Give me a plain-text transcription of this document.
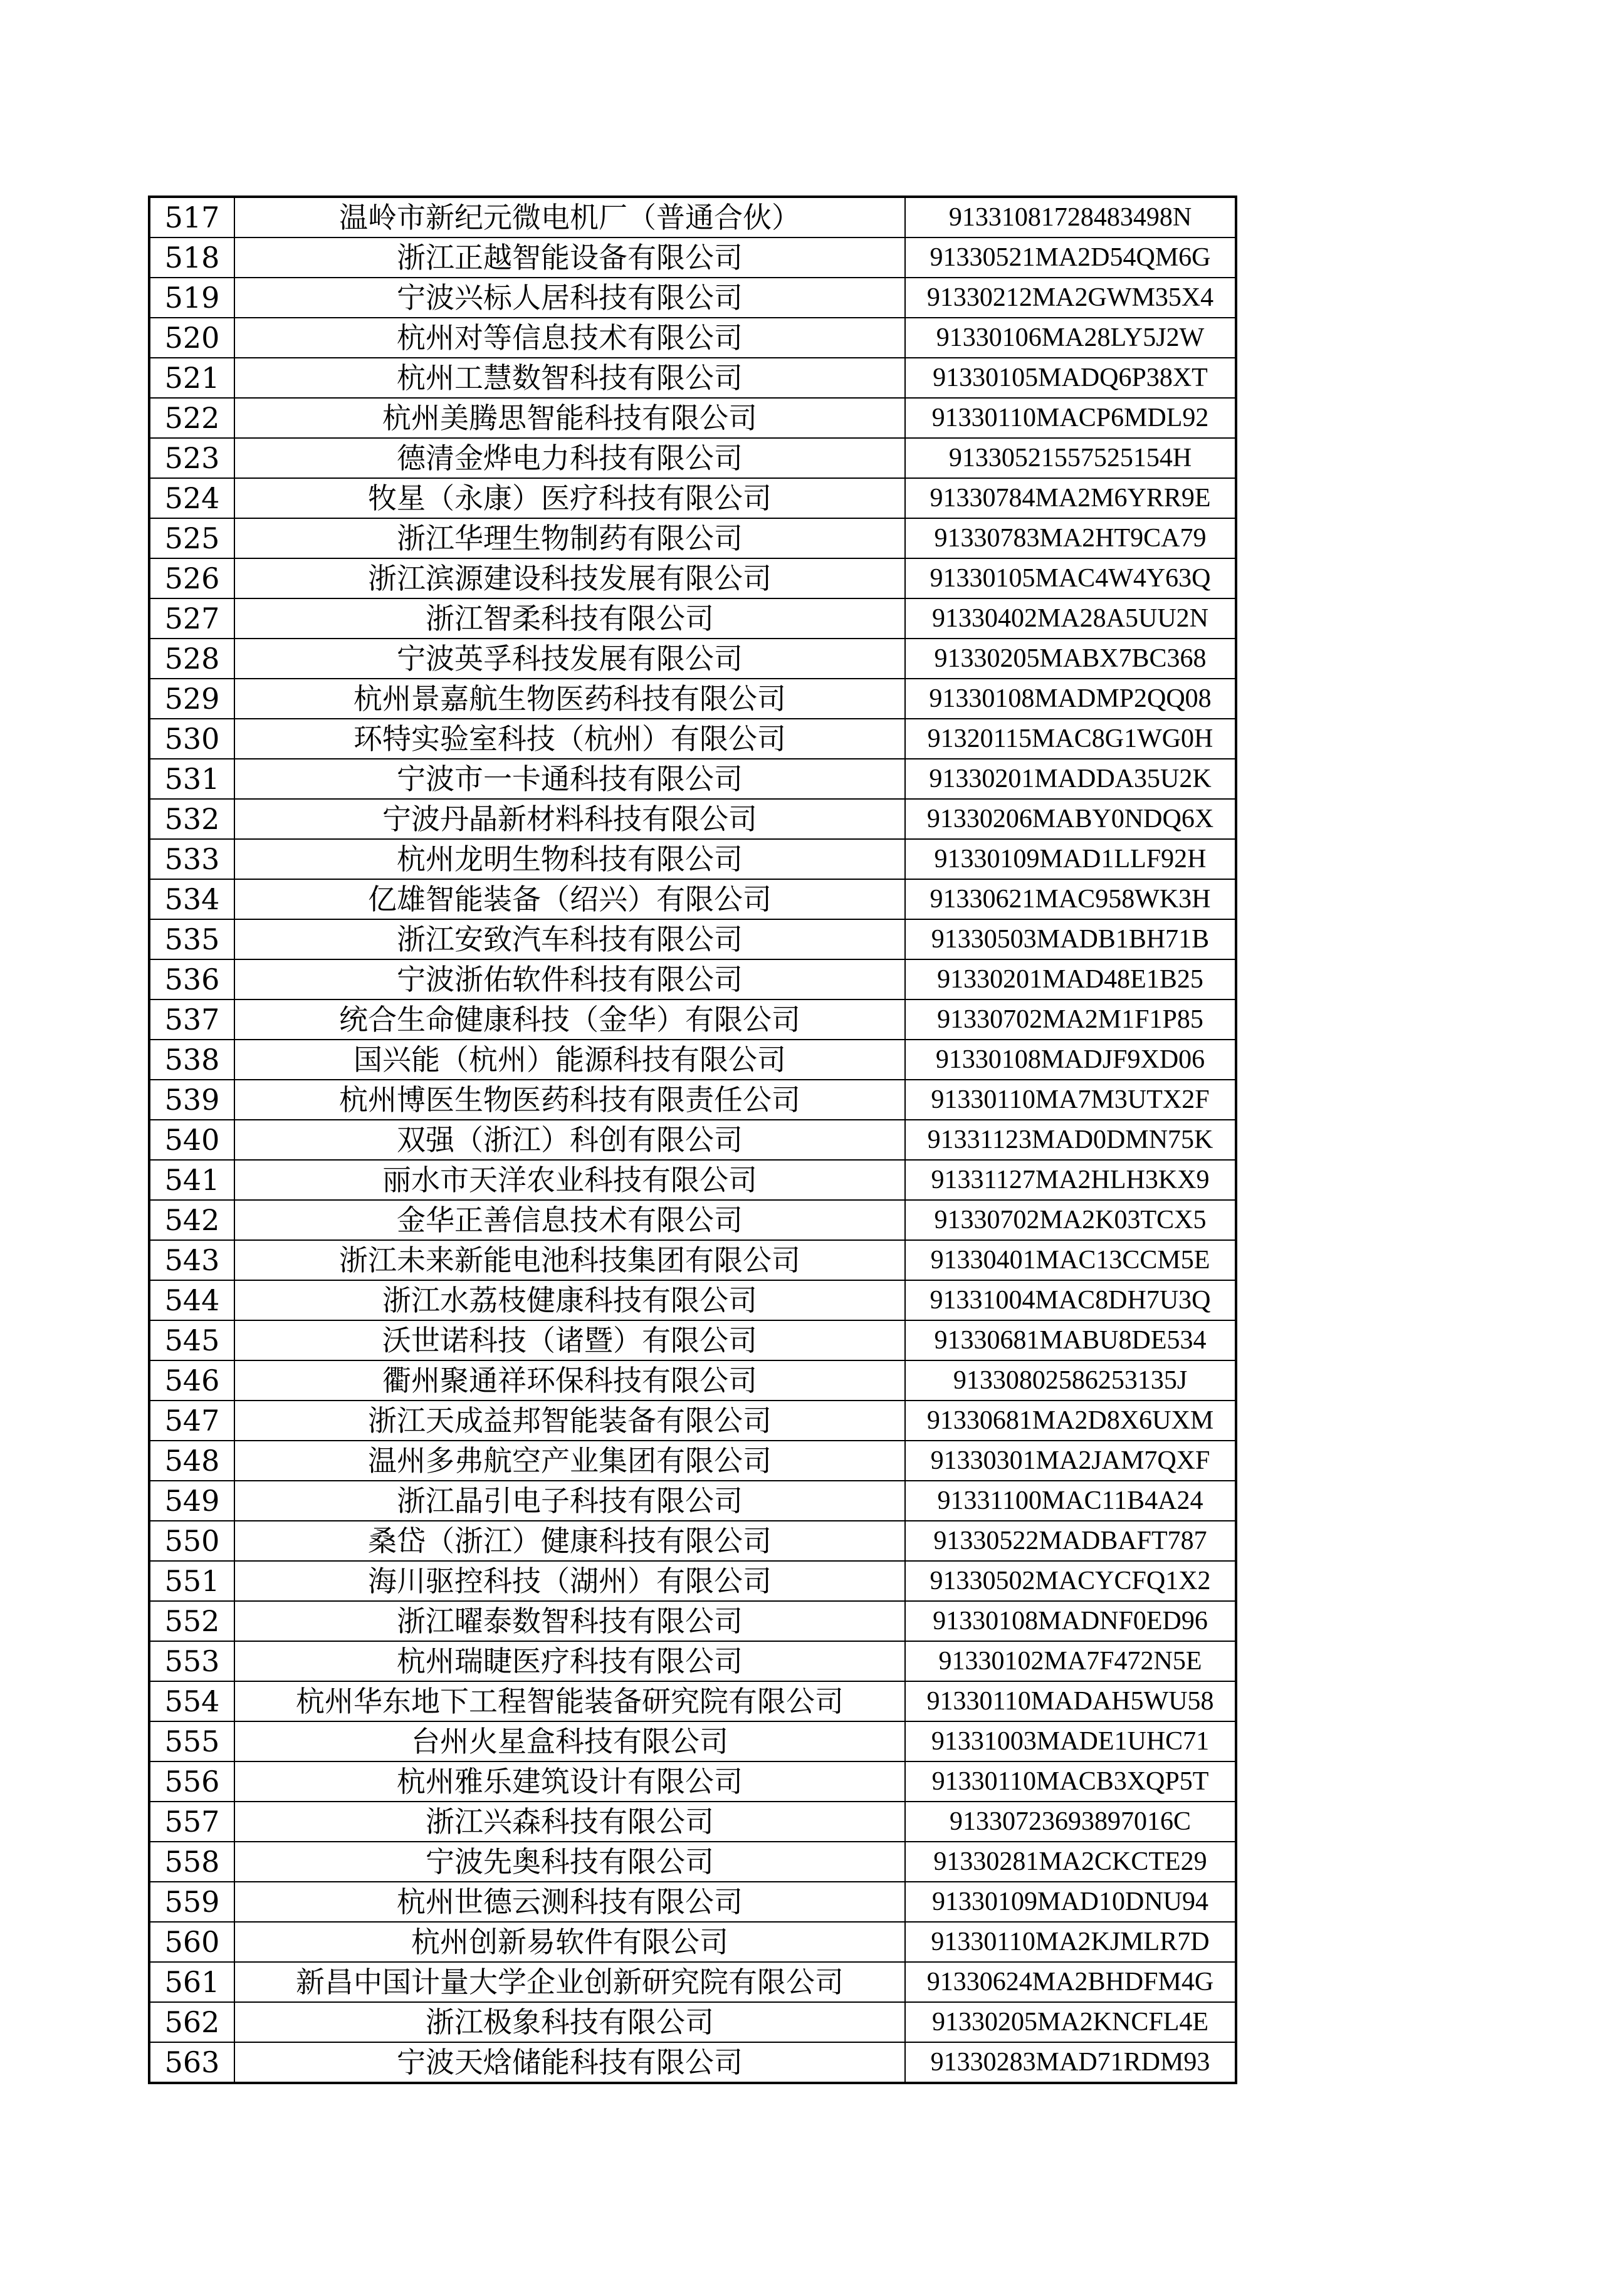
517	温岭市新纪元微电机厂（普通合伙）	91331081728483498N
518	浙江正越智能设备有限公司	91330521MA2D54QM6G
519	宁波兴标人居科技有限公司	91330212MA2GWM35X4
520	杭州对等信息技术有限公司	91330106MA28LY5J2W
521	杭州工慧数智科技有限公司	91330105MADQ6P38XT
522	杭州美腾思智能科技有限公司	91330110MACP6MDL92
523	德清金烨电力科技有限公司	91330521557525154H
524	牧星（永康）医疗科技有限公司	91330784MA2M6YRR9E
525	浙江华理生物制药有限公司	91330783MA2HT9CA79
526	浙江滨源建设科技发展有限公司	91330105MAC4W4Y63Q
527	浙江智柔科技有限公司	91330402MA28A5UU2N
528	宁波英孚科技发展有限公司	91330205MABX7BC368
529	杭州景嘉航生物医药科技有限公司	91330108MADMP2QQ08
530	环特实验室科技（杭州）有限公司	91320115MAC8G1WG0H
531	宁波市一卡通科技有限公司	91330201MADDA35U2K
532	宁波丹晶新材料科技有限公司	91330206MABY0NDQ6X
533	杭州龙明生物科技有限公司	91330109MAD1LLF92H
534	亿雄智能装备（绍兴）有限公司	91330621MAC958WK3H
535	浙江安致汽车科技有限公司	91330503MADB1BH71B
536	宁波浙佑软件科技有限公司	91330201MAD48E1B25
537	统合生命健康科技（金华）有限公司	91330702MA2M1F1P85
538	国兴能（杭州）能源科技有限公司	91330108MADJF9XD06
539	杭州博医生物医药科技有限责任公司	91330110MA7M3UTX2F
540	双强（浙江）科创有限公司	91331123MAD0DMN75K
541	丽水市天洋农业科技有限公司	91331127MA2HLH3KX9
542	金华正善信息技术有限公司	91330702MA2K03TCX5
543	浙江未来新能电池科技集团有限公司	91330401MAC13CCM5E
544	浙江水荔枝健康科技有限公司	91331004MAC8DH7U3Q
545	沃世诺科技（诸暨）有限公司	91330681MABU8DE534
546	衢州聚通祥环保科技有限公司	91330802586253135J
547	浙江天成益邦智能装备有限公司	91330681MA2D8X6UXM
548	温州多弗航空产业集团有限公司	91330301MA2JAM7QXF
549	浙江晶引电子科技有限公司	91331100MAC11B4A24
550	桑岱（浙江）健康科技有限公司	91330522MADBAFT787
551	海川驱控科技（湖州）有限公司	91330502MACYCFQ1X2
552	浙江曜泰数智科技有限公司	91330108MADNF0ED96
553	杭州瑞睫医疗科技有限公司	91330102MA7F472N5E
554	杭州华东地下工程智能装备研究院有限公司	91330110MADAH5WU58
555	台州火星盒科技有限公司	91331003MADE1UHC71
556	杭州雅乐建筑设计有限公司	91330110MACB3XQP5T
557	浙江兴森科技有限公司	91330723693897016C
558	宁波先奥科技有限公司	91330281MA2CKCTE29
559	杭州世德云测科技有限公司	91330109MAD10DNU94
560	杭州创新易软件有限公司	91330110MA2KJMLR7D
561	新昌中国计量大学企业创新研究院有限公司	91330624MA2BHDFM4G
562	浙江极象科技有限公司	91330205MA2KNCFL4E
563	宁波天焓储能科技有限公司	91330283MAD71RDM93
